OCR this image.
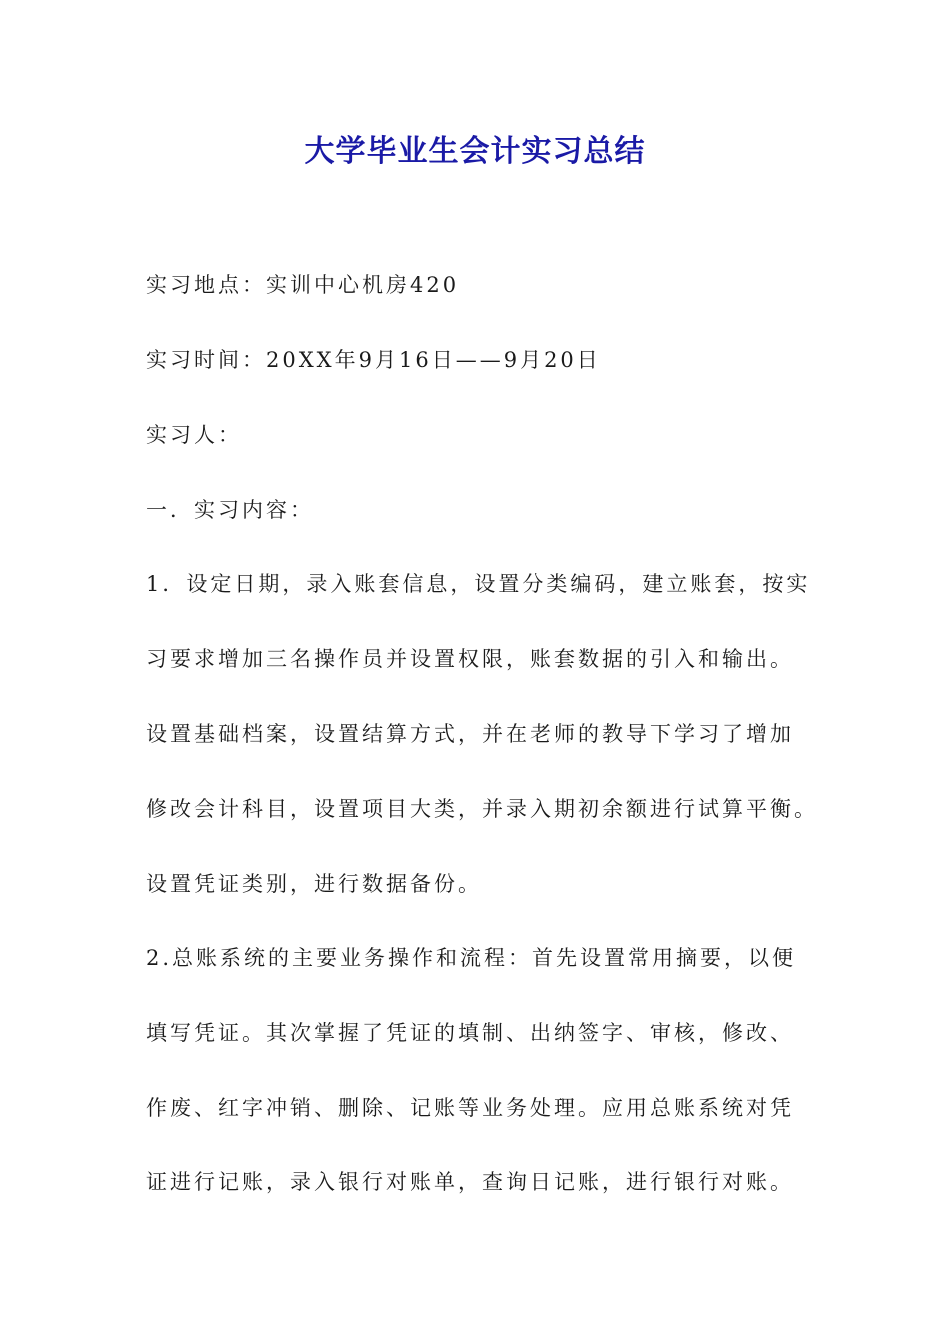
大学毕业生会计实习总结

实习地点：实训中心机房420

实习时间：20XX年9月16日——9月20日

实习人：

一．实习内容：

1．设定日期，录入账套信息，设置分类编码，建立账套，按实

习要求增加三名操作员并设置权限，账套数据的引入和输出。

设置基础档案，设置结算方式，并在老师的教导下学习了增加

修改会计科目，设置项目大类，并录入期初余额进行试算平衡。

设置凭证类别，进行数据备份。

2.总账系统的主要业务操作和流程：首先设置常用摘要，以便

填写凭证。其次掌握了凭证的填制、出纳签字、审核，修改、

作废、红字冲销、删除、记账等业务处理。应用总账系统对凭

证进行记账，录入银行对账单，查询日记账，进行银行对账。
